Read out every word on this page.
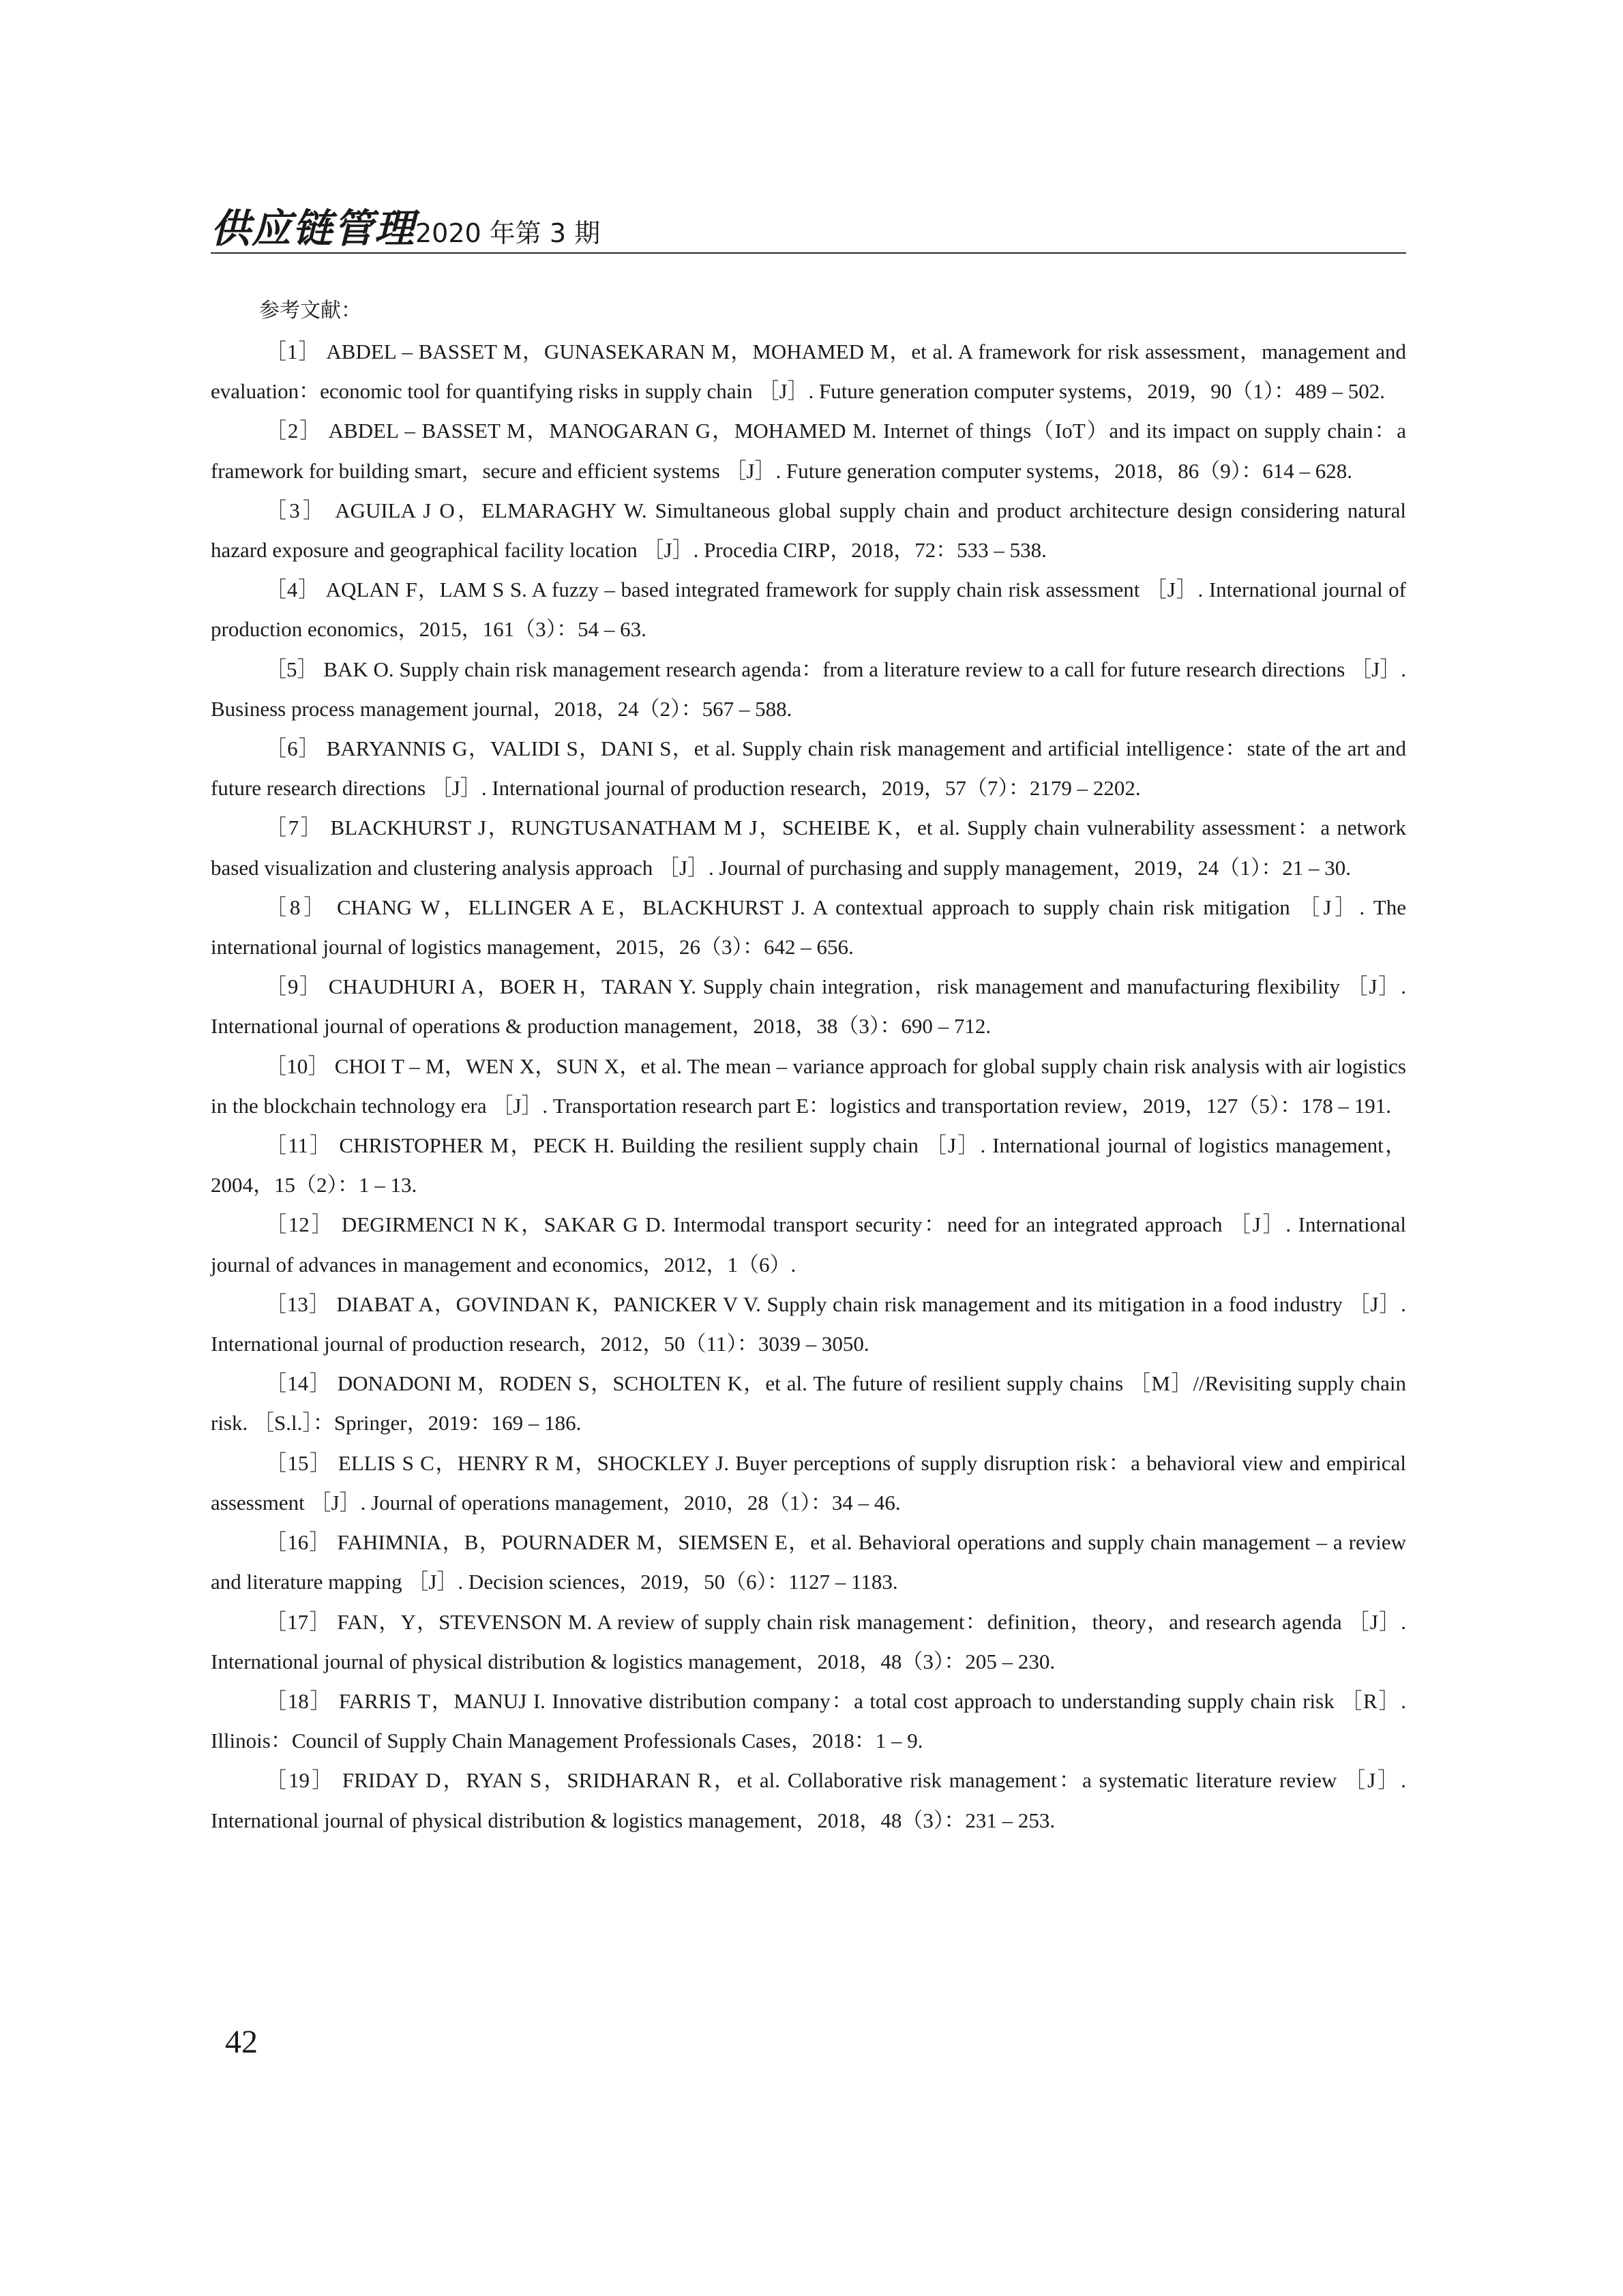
供应链管理 2020 年第 3 期
参考文献：

［1］ ABDEL – BASSET M，GUNASEKARAN M，MOHAMED M，et al. A framework for risk assessment，management and evaluation：economic tool for quantifying risks in supply chain ［J］. Future generation computer systems，2019，90（1）：489 – 502.

［2］ ABDEL – BASSET M，MANOGARAN G，MOHAMED M. Internet of things（IoT）and its impact on supply chain：a framework for building smart，secure and efficient systems ［J］. Future generation computer systems，2018，86（9）：614 – 628.

［3］ AGUILA J O，ELMARAGHY W. Simultaneous global supply chain and product architecture design considering natural hazard exposure and geographical facility location ［J］. Procedia CIRP，2018，72：533 – 538.

［4］ AQLAN F，LAM S S. A fuzzy – based integrated framework for supply chain risk assessment ［J］. International journal of production economics，2015，161（3）：54 – 63.

［5］ BAK O. Supply chain risk management research agenda：from a literature review to a call for future research directions ［J］. Business process management journal，2018，24（2）：567 – 588.

［6］ BARYANNIS G，VALIDI S，DANI S，et al. Supply chain risk management and artificial intelligence：state of the art and future research directions ［J］. International journal of production research，2019，57（7）：2179 – 2202.

［7］ BLACKHURST J，RUNGTUSANATHAM M J，SCHEIBE K，et al. Supply chain vulnerability assessment：a network based visualization and clustering analysis approach ［J］. Journal of purchasing and supply management，2019，24（1）：21 – 30.

［8］ CHANG W，ELLINGER A E，BLACKHURST J. A contextual approach to supply chain risk mitigation ［J］. The international journal of logistics management，2015，26（3）：642 – 656.

［9］ CHAUDHURI A，BOER H，TARAN Y. Supply chain integration，risk management and manufacturing flexibility ［J］. International journal of operations & production management，2018，38（3）：690 – 712.

［10］ CHOI T – M，WEN X，SUN X，et al. The mean – variance approach for global supply chain risk analysis with air logistics in the blockchain technology era ［J］. Transportation research part E：logistics and transportation review，2019，127（5）：178 – 191.

［11］ CHRISTOPHER M，PECK H. Building the resilient supply chain ［J］. International journal of logistics management，2004，15（2）：1 – 13.

［12］ DEGIRMENCI N K，SAKAR G D. Intermodal transport security：need for an integrated approach ［J］. International journal of advances in management and economics，2012，1（6）.

［13］ DIABAT A，GOVINDAN K，PANICKER V V. Supply chain risk management and its mitigation in a food industry ［J］. International journal of production research，2012，50（11）：3039 – 3050.

［14］ DONADONI M，RODEN S，SCHOLTEN K，et al. The future of resilient supply chains ［M］//Revisiting supply chain risk. ［S.l.］：Springer，2019：169 – 186.

［15］ ELLIS S C，HENRY R M，SHOCKLEY J. Buyer perceptions of supply disruption risk：a behavioral view and empirical assessment ［J］. Journal of operations management，2010，28（1）：34 – 46.

［16］ FAHIMNIA，B，POURNADER M，SIEMSEN E，et al. Behavioral operations and supply chain management – a review and literature mapping ［J］. Decision sciences，2019，50（6）：1127 – 1183.

［17］ FAN，Y，STEVENSON M. A review of supply chain risk management：definition，theory，and research agenda ［J］. International journal of physical distribution & logistics management，2018，48（3）：205 – 230.

［18］ FARRIS T，MANUJ I. Innovative distribution company：a total cost approach to understanding supply chain risk ［R］. Illinois：Council of Supply Chain Management Professionals Cases，2018：1 – 9.

［19］ FRIDAY D，RYAN S，SRIDHARAN R，et al. Collaborative risk management：a systematic literature review ［J］. International journal of physical distribution & logistics management，2018，48（3）：231 – 253.

42
